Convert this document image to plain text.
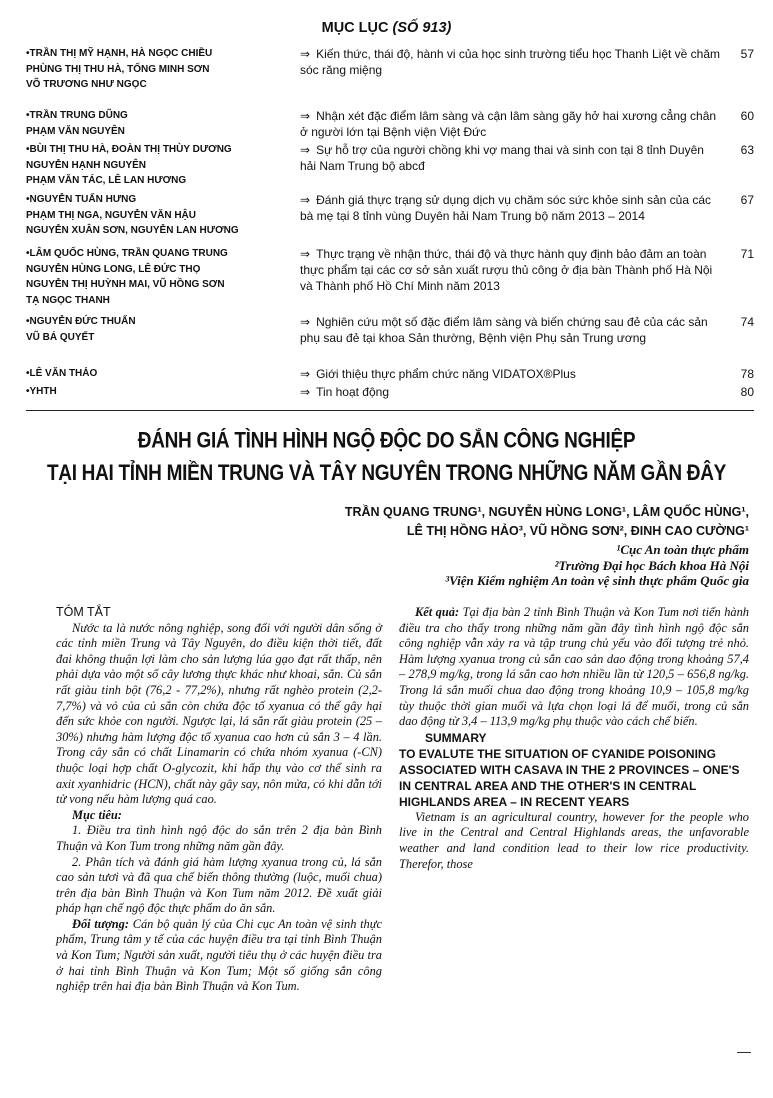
MỤC LỤC (SỐ 913)
•TRẦN THỊ MỸ HẠNH, HÀ NGỌC CHIỀU
PHÙNG THỊ THU HÀ, TỐNG MINH SƠN
VÕ TRƯƠNG NHƯ NGỌC
⇒ Kiến thức, thái độ, hành vi của học sinh trường tiểu học Thanh Liệt về chăm sóc răng miệng
57
•TRẦN TRUNG DŨNG
PHẠM VĂN NGUYÊN
⇒ Nhận xét đặc điểm lâm sàng và cận lâm sàng gãy hở hai xương cẳng chân ở người lớn tại Bệnh viện Việt Đức
60
•BÙI THỊ THU HÀ, ĐOÀN THỊ THÙY DƯƠNG
NGUYỄN HẠNH NGUYÊN
PHẠM VĂN TÁC, LÊ LAN HƯƠNG
⇒ Sự hỗ trợ của người chồng khi vợ mang thai và sinh con tại 8 tỉnh Duyên hải Nam Trung bộ abcđ
63
•NGUYỄN TUẤN HƯNG
PHẠM THỊ NGA, NGUYỄN VĂN HẬU
NGUYỄN XUÂN SƠN, NGUYỄN LAN HƯƠNG
⇒ Đánh giá thực trạng sử dụng dịch vụ chăm sóc sức khỏe sinh sản của các bà mẹ tại 8 tỉnh vùng Duyên hải Nam Trung bộ năm 2013 – 2014
67
•LÂM QUỐC HÙNG, TRẦN QUANG TRUNG
NGUYỄN HÙNG LONG, LÊ ĐỨC THỌ
NGUYỄN THỊ HUỲNH MAI, VŨ HỒNG SƠN
TẠ NGỌC THANH
⇒ Thực trạng về nhận thức, thái độ và thực hành quy định bảo đảm an toàn thực phẩm tại các cơ sở sản xuất rượu thủ công ở địa bàn Thành phố Hà Nội và Thành phố Hồ Chí Minh năm 2013
71
•NGUYỄN ĐỨC THUẤN
VŨ BÁ QUYẾT
⇒ Nghiên cứu một số đặc điểm lâm sàng và biến chứng sau đẻ của các sản phụ sau đẻ tại khoa Sản thường, Bệnh viện Phụ sản Trung ương
74
•LÊ VĂN THẢO	⇒ Giới thiệu thực phẩm chức năng VIDATOX®Plus	78
•YHTH	⇒ Tin hoạt động	80
ĐÁNH GIÁ TÌNH HÌNH NGỘ ĐỘC DO SẮN CÔNG NGHIỆP
TẠI HAI TỈNH MIỀN TRUNG VÀ TÂY NGUYÊN TRONG NHỮNG NĂM GẦN ĐÂY
TRẦN QUANG TRUNG¹, NGUYỄN HÙNG LONG¹, LÂM QUỐC HÙNG¹,
LÊ THỊ HỒNG HẢO³, VŨ HỒNG SƠN², ĐINH CAO CƯỜNG¹
¹Cục An toàn thực phẩm
²Trường Đại học Bách khoa Hà Nội
³Viện Kiểm nghiệm An toàn vệ sinh thực phẩm Quốc gia

TÓM TẮT

Nước ta là nước nông nghiệp, song đối với người dân sống ở các tỉnh miền Trung và Tây Nguyên, do điều kiện thời tiết, đất đai không thuận lợi làm cho sản lượng lúa gạo đạt rất thấp, nên phải dựa vào một số cây lương thực khác như khoai, sắn. Củ sắn rất giàu tinh bột (76,2 - 77,2%), nhưng rất nghèo protein (2,2-7,7%) và vỏ của củ sắn còn chứa độc tố xyanua có thể gây hại đến sức khỏe con người. Ngược lại, lá sắn rất giàu protein (25 – 30%) nhưng hàm lượng độc tố xyanua cao hơn củ sắn 3 – 4 lần. Trong cây sắn có chất Linamarin có chứa nhóm xyanua (-CN) thuộc loại hợp chất O-glycozit, khi hấp thụ vào cơ thể sinh ra axit xyanhidric (HCN), chất này gây say, nôn mửa, có khi dẫn tới tử vong nếu hàm lượng quá cao.

Mục tiêu:

1. Điều tra tình hình ngộ độc do sắn trên 2 địa bàn Bình Thuận và Kon Tum trong những năm gần đây.

2. Phân tích và đánh giá hàm lượng xyanua trong củ, lá sắn cao sản tươi và đã qua chế biến thông thường (luộc, muối chua) trên địa bàn Bình Thuận và Kon Tum năm 2012. Đề xuất giải pháp hạn chế ngộ độc thực phẩm do ăn sắn.

Đối tượng: Cán bộ quản lý của Chi cục An toàn vệ sinh thực phẩm, Trung tâm y tế của các huyện điều tra tại tỉnh Bình Thuận và Kon Tum; Người sản xuất, người tiêu thụ ở các huyện điều tra ở hai tỉnh Bình Thuận và Kon Tum; Một số giống sắn công nghiệp trên hai địa bàn Bình Thuận và Kon Tum.

Kết quả: Tại địa bàn 2 tỉnh Bình Thuận và Kon Tum nơi tiến hành điều tra cho thấy trong những năm gần đây tình hình ngộ độc sắn công nghiệp vẫn xảy ra và tập trung chủ yếu vào đối tượng trẻ nhỏ. Hàm lượng xyanua trong củ sắn cao sản dao động trong khoảng 57,4 – 278,9 mg/kg, trong lá sắn cao hơn nhiều lần từ 120,5 – 656,8 ng/kg. Trong lá sắn muối chua dao động trong khoảng 10,9 – 105,8 mg/kg tùy thuộc thời gian muối và lựa chọn loại lá để muối, trong củ sắn dao động từ 3,4 – 113,9 mg/kg phụ thuộc vào cách chế biến.

SUMMARY

TO EVALUTE THE SITUATION OF CYANIDE POISONING ASSOCIATED WITH CASAVA IN THE 2 PROVINCES – ONE'S IN CENTRAL AREA AND THE OTHER'S IN CENTRAL HIGHLANDS AREA – IN RECENT YEARS

Vietnam is an agricultural country, however for the people who live in the Central and Central Highlands areas, the unfavorable weather and land condition lead to their low rice productivity. Therefor, those
